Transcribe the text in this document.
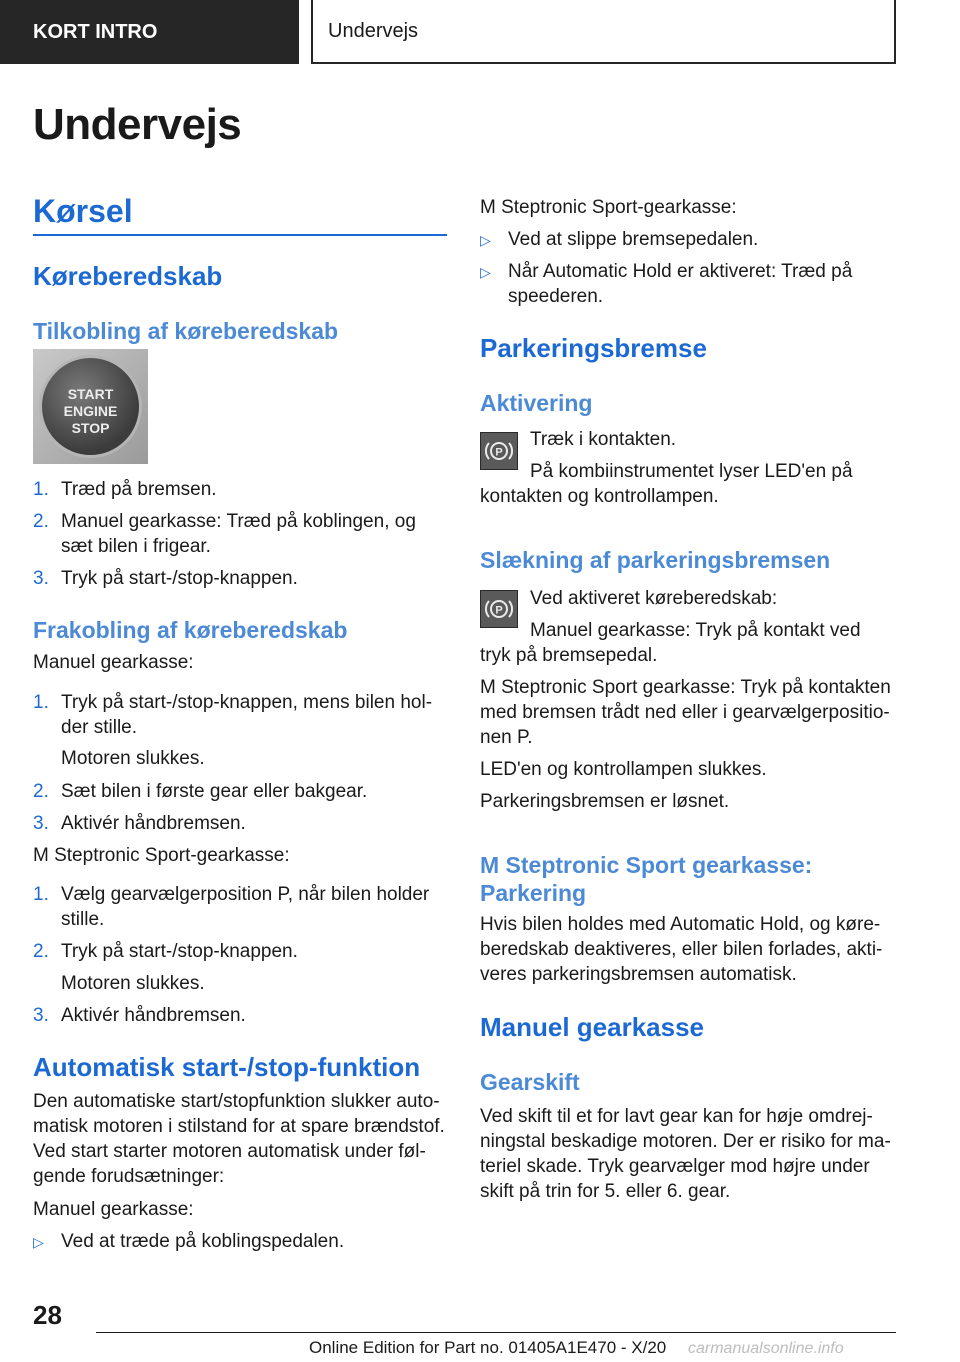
KORT INTRO	Undervejs
Undervejs
Kørsel
Køreberedskab
Tilkobling af køreberedskab
START
ENGINE
STOP
1. Træd på bremsen.

2. Manuel gearkasse: Træd på koblingen, og

sæt bilen i frigear.

3. Tryk på start-/stop-knappen.

Frakobling af køreberedskab

Manuel gearkasse:

1. Tryk på start-/stop-knappen, mens bilen hol-

der stille.

Motoren slukkes.

2. Sæt bilen i første gear eller bakgear.

3. Aktivér håndbremsen.

M Steptronic Sport-gearkasse:

1. Vælg gearvælgerposition P, når bilen holder

stille.

2. Tryk på start-/stop-knappen.

Motoren slukkes.

3. Aktivér håndbremsen.

Automatisk start-/stop-funktion

Den automatiske start/stopfunktion slukker auto-

matisk motoren i stilstand for at spare brændstof.

Ved start starter motoren automatisk under føl-

gende forudsætninger:

Manuel gearkasse:

▷ Ved at træde på koblingspedalen.

M Steptronic Sport-gearkasse:

▷ Ved at slippe bremsepedalen.

▷ Når Automatic Hold er aktiveret: Træd på

speederen.

Parkeringsbremse
Aktivering
P

Træk i kontakten.

På kombiinstrumentet lyser LED'en på

kontakten og kontrollampen.

Slækning af parkeringsbremsen
P

Ved aktiveret køreberedskab:

Manuel gearkasse: Tryk på kontakt ved

tryk på bremsepedal.

M Steptronic Sport gearkasse: Tryk på kontakten

med bremsen trådt ned eller i gearvælgerpositio-

nen P.

LED'en og kontrollampen slukkes.

Parkeringsbremsen er løsnet.

M Steptronic Sport gearkasse:
Parkering

Hvis bilen holdes med Automatic Hold, og køre-

beredskab deaktiveres, eller bilen forlades, akti-

veres parkeringsbremsen automatisk.

Manuel gearkasse
Gearskift

Ved skift til et for lavt gear kan for høje omdrej-

ningstal beskadige motoren. Der er risiko for ma-

teriel skade. Tryk gearvælger mod højre under

skift på trin for 5. eller 6. gear.

28
Online Edition for Part no. 01405A1E470 - X/20 carmanualsonline.info
